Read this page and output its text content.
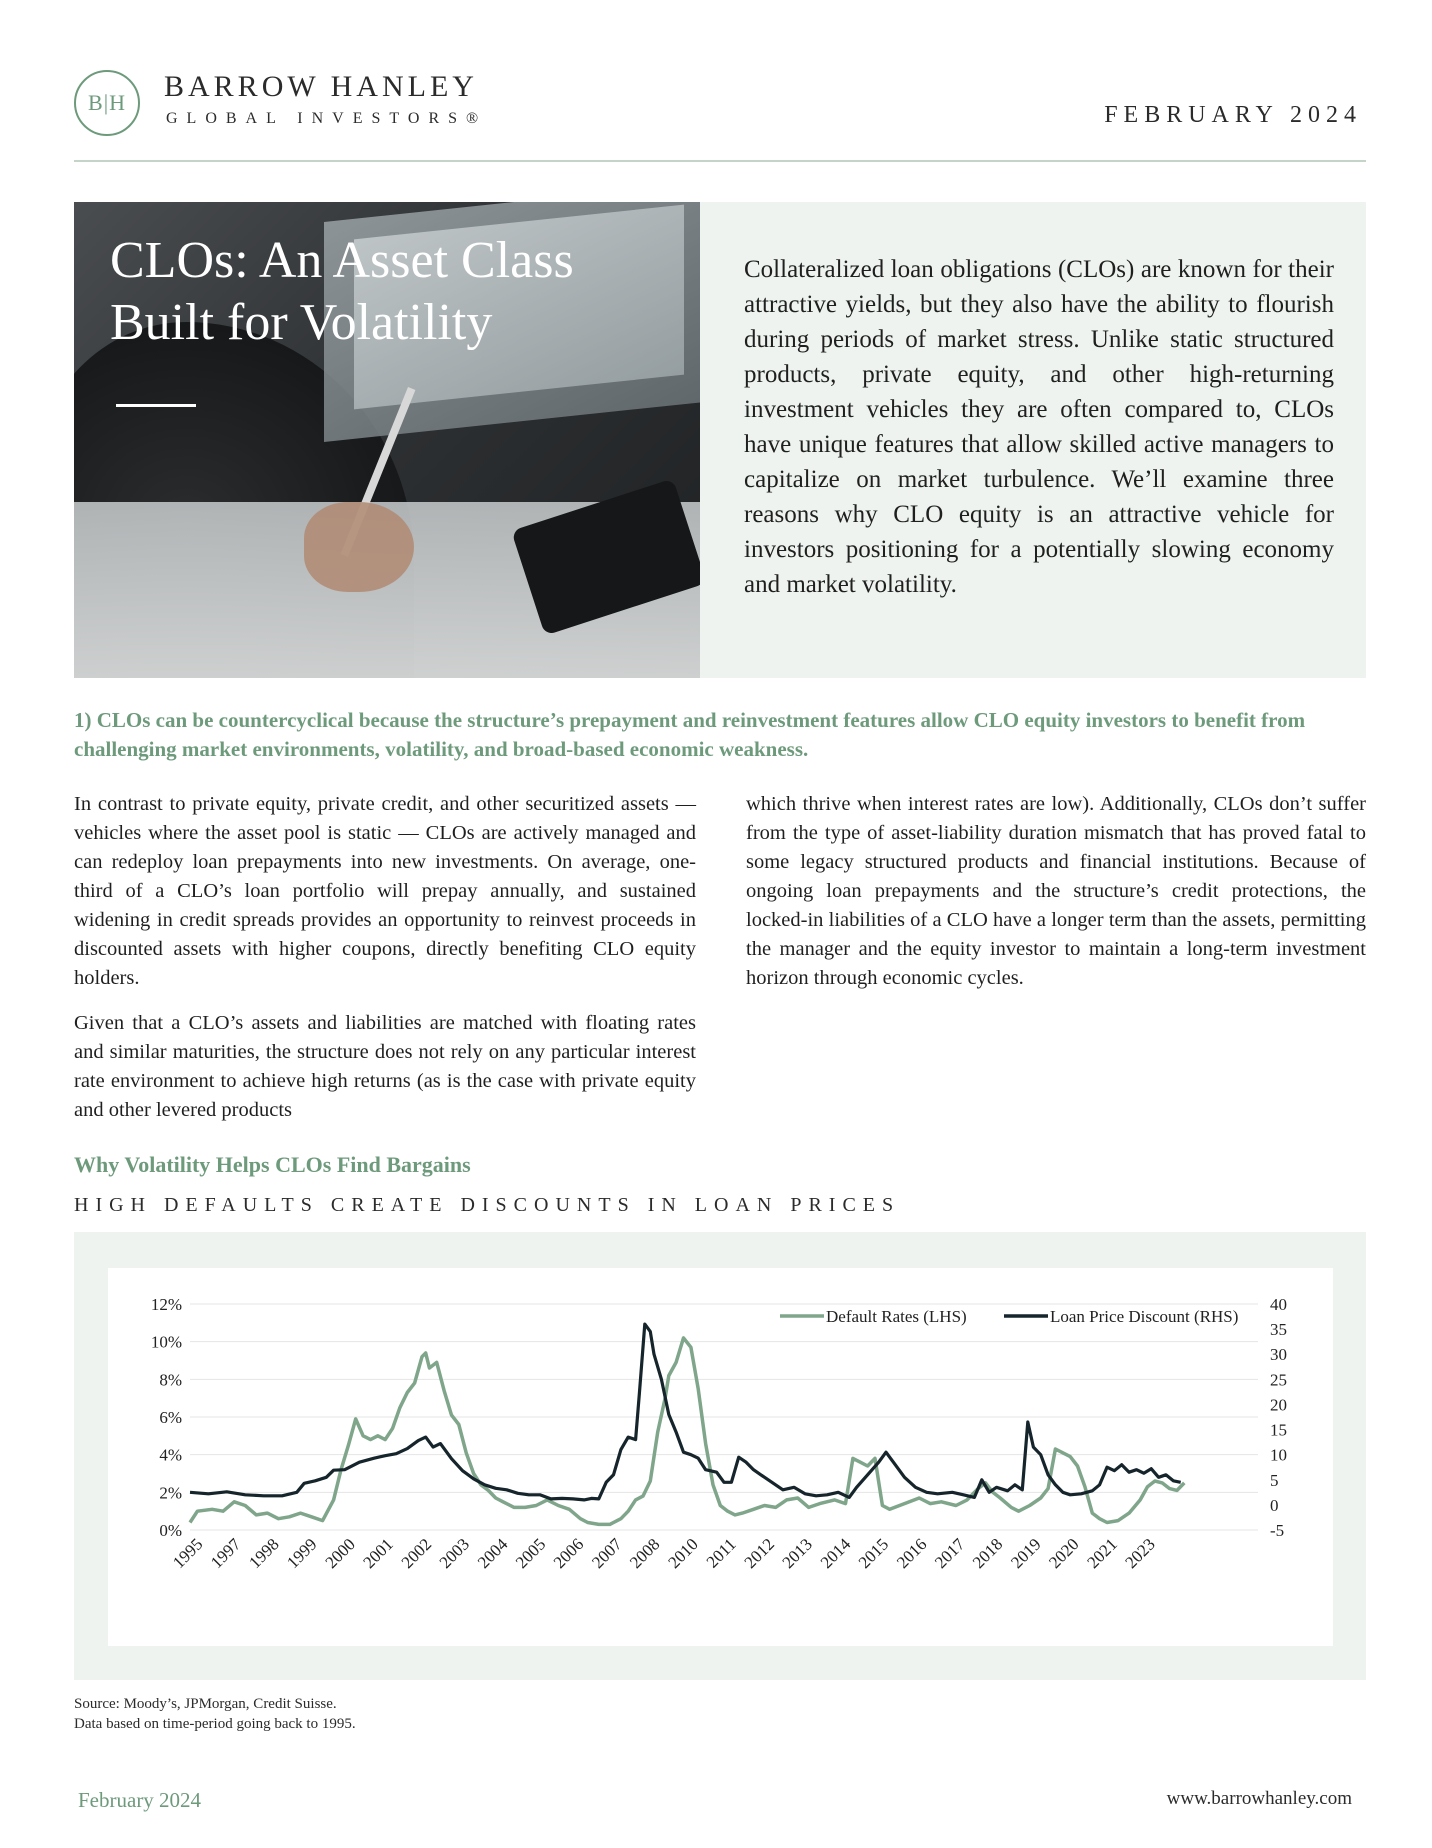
B|H	BARROW HANLEY
GLOBAL INVESTORS®	FEBRUARY 2024
CLOs: An Asset Class
Built for Volatility
Collateralized loan obligations (CLOs) are known for their attractive yields, but they also have the ability to flourish during periods of market stress. Unlike static structured products, private equity, and other high-returning investment vehicles they are often compared to, CLOs have unique features that allow skilled active managers to capitalize on market turbulence. We’ll examine three reasons why CLO equity is an attractive vehicle for investors positioning for a potentially slowing economy and market volatility.
1) CLOs can be countercyclical because the structure’s prepayment and reinvestment features allow CLO equity investors to benefit from challenging market environments, volatility, and broad-based economic weakness.

In contrast to private equity, private credit, and other securitized assets — vehicles where the asset pool is static — CLOs are actively managed and can redeploy loan prepayments into new investments. On average, one-third of a CLO’s loan portfolio will prepay annually, and sustained widening in credit spreads provides an opportunity to reinvest proceeds in discounted assets with higher coupons, directly benefiting CLO equity holders.

Given that a CLO’s assets and liabilities are matched with floating rates and similar maturities, the structure does not rely on any particular interest rate environment to achieve high returns (as is the case with private equity and other levered products

which thrive when interest rates are low). Additionally, CLOs don’t suffer from the type of asset-liability duration mismatch that has proved fatal to some legacy structured products and financial institutions. Because of ongoing loan prepayments and the structure’s credit protections, the locked-in liabilities of a CLO have a longer term than the assets, permitting the manager and the equity investor to maintain a long-term investment horizon through economic cycles.

Why Volatility Helps CLOs Find Bargains
HIGH DEFAULTS CREATE DISCOUNTS IN LOAN PRICES
12%
10%
8%
6%
4%
2%
0%
40
35
30
25
20
15
10
5
0
-5
1995 1997 1998 1999 2000 2001 2002 2003 2004 2005 2006 2007 2008 2010 2011 2012 2013 2014 2015 2016 2017 2018 2019 2020 2021 2023
Default Rates (LHS)	Loan Price Discount (RHS)
Source: Moody’s, JPMorgan, Credit Suisse.
Data based on time-period going back to 1995.
February 2024	www.barrowhanley.com
